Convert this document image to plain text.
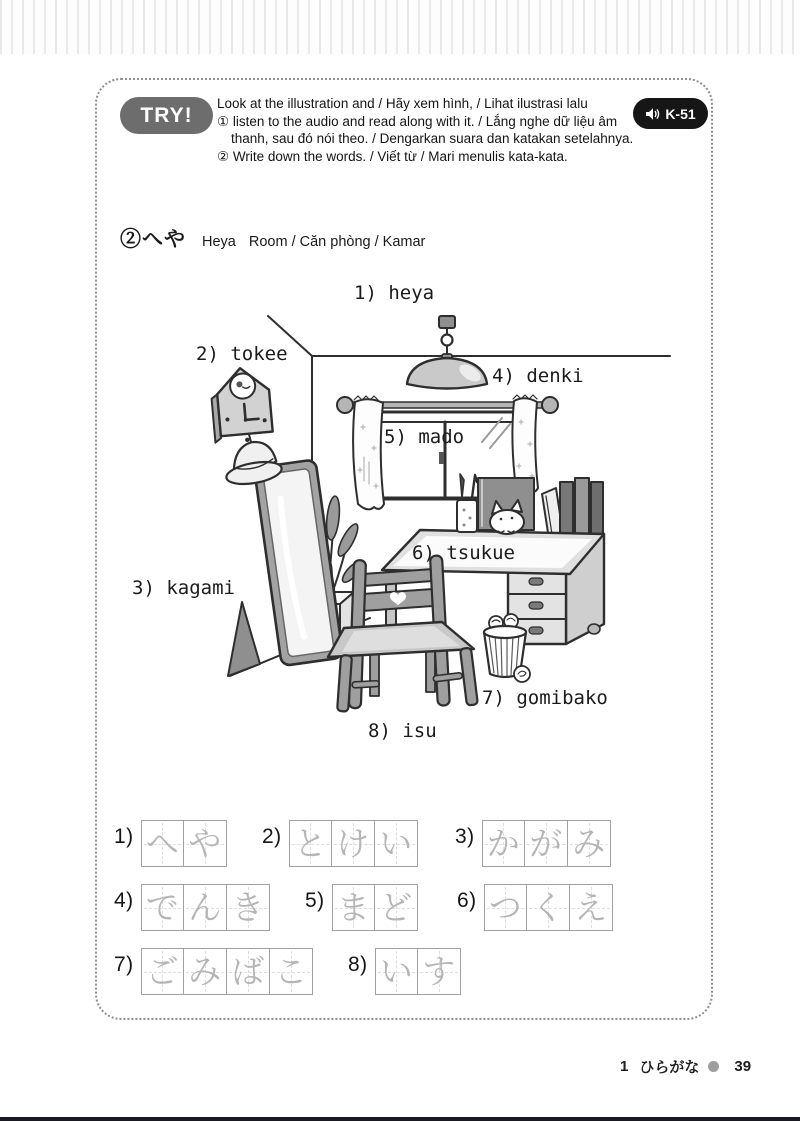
TRY!	Look at the illustration and / Hãy xem hình, / Lihat ilustrasi lalu
① listen to the audio and read along with it. / Lắng nghe dữ liệu âm
thanh, sau đó nói theo. / Dengarkan suara dan katakan setelahnya.
② Write down the words. / Viết từ / Mari menulis kata-kata.
K-51
②へや Heya Room / Căn phòng / Kamar
1) heya
2) tokee
3) kagami
4) denki
5) mado
6) tsukue
7) gomibako
8) isu
1) へ や 2) と け い 3) か が み
4) で ん き 5) ま ど 6) つ く え
7) ご み ば こ 8) い す
1 ひらがな 39
